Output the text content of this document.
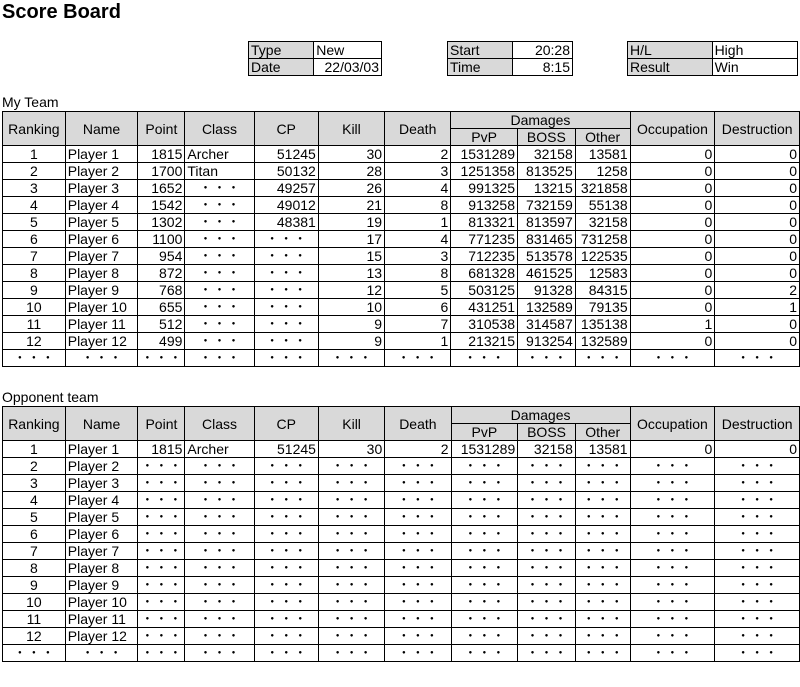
Score Board
Type	New
Date	22/03/03
Start	20:28
Time	8:15
H/L	High
Result	Win
My Team
Ranking	Name	Point	Class	CP	Kill	Death	Damages			Occupation	Destruction
							PvP	BOSS	Other		
1	Player 1	1815	Archer	51245	30	2	1531289	32158	13581	0	0
2	Player 2	1700	Titan	50132	28	3	1251358	813525	1258	0	0
3	Player 3	1652	・・・	49257	26	4	991325	13215	321858	0	0
4	Player 4	1542	・・・	49012	21	8	913258	732159	55138	0	0
5	Player 5	1302	・・・	48381	19	1	813321	813597	32158	0	0
6	Player 6	1100	・・・	・・・	17	4	771235	831465	731258	0	0
7	Player 7	954	・・・	・・・	15	3	712235	513578	122535	0	0
8	Player 8	872	・・・	・・・	13	8	681328	461525	12583	0	0
9	Player 9	768	・・・	・・・	12	5	503125	91328	84315	0	2
10	Player 10	655	・・・	・・・	10	6	431251	132589	79135	0	1
11	Player 11	512	・・・	・・・	9	7	310538	314587	135138	1	0
12	Player 12	499	・・・	・・・	9	1	213215	913254	132589	0	0
・・・	・・・	・・・	・・・	・・・	・・・	・・・	・・・	・・・	・・・	・・・	・・・
Opponent team
Ranking	Name	Point	Class	CP	Kill	Death	Damages			Occupation	Destruction
							PvP	BOSS	Other		
1	Player 1	1815	Archer	51245	30	2	1531289	32158	13581	0	0
2	Player 2	・・・	・・・	・・・	・・・	・・・	・・・	・・・	・・・	・・・	・・・
3	Player 3	・・・	・・・	・・・	・・・	・・・	・・・	・・・	・・・	・・・	・・・
4	Player 4	・・・	・・・	・・・	・・・	・・・	・・・	・・・	・・・	・・・	・・・
5	Player 5	・・・	・・・	・・・	・・・	・・・	・・・	・・・	・・・	・・・	・・・
6	Player 6	・・・	・・・	・・・	・・・	・・・	・・・	・・・	・・・	・・・	・・・
7	Player 7	・・・	・・・	・・・	・・・	・・・	・・・	・・・	・・・	・・・	・・・
8	Player 8	・・・	・・・	・・・	・・・	・・・	・・・	・・・	・・・	・・・	・・・
9	Player 9	・・・	・・・	・・・	・・・	・・・	・・・	・・・	・・・	・・・	・・・
10	Player 10	・・・	・・・	・・・	・・・	・・・	・・・	・・・	・・・	・・・	・・・
11	Player 11	・・・	・・・	・・・	・・・	・・・	・・・	・・・	・・・	・・・	・・・
12	Player 12	・・・	・・・	・・・	・・・	・・・	・・・	・・・	・・・	・・・	・・・
・・・	・・・	・・・	・・・	・・・	・・・	・・・	・・・	・・・	・・・	・・・	・・・
